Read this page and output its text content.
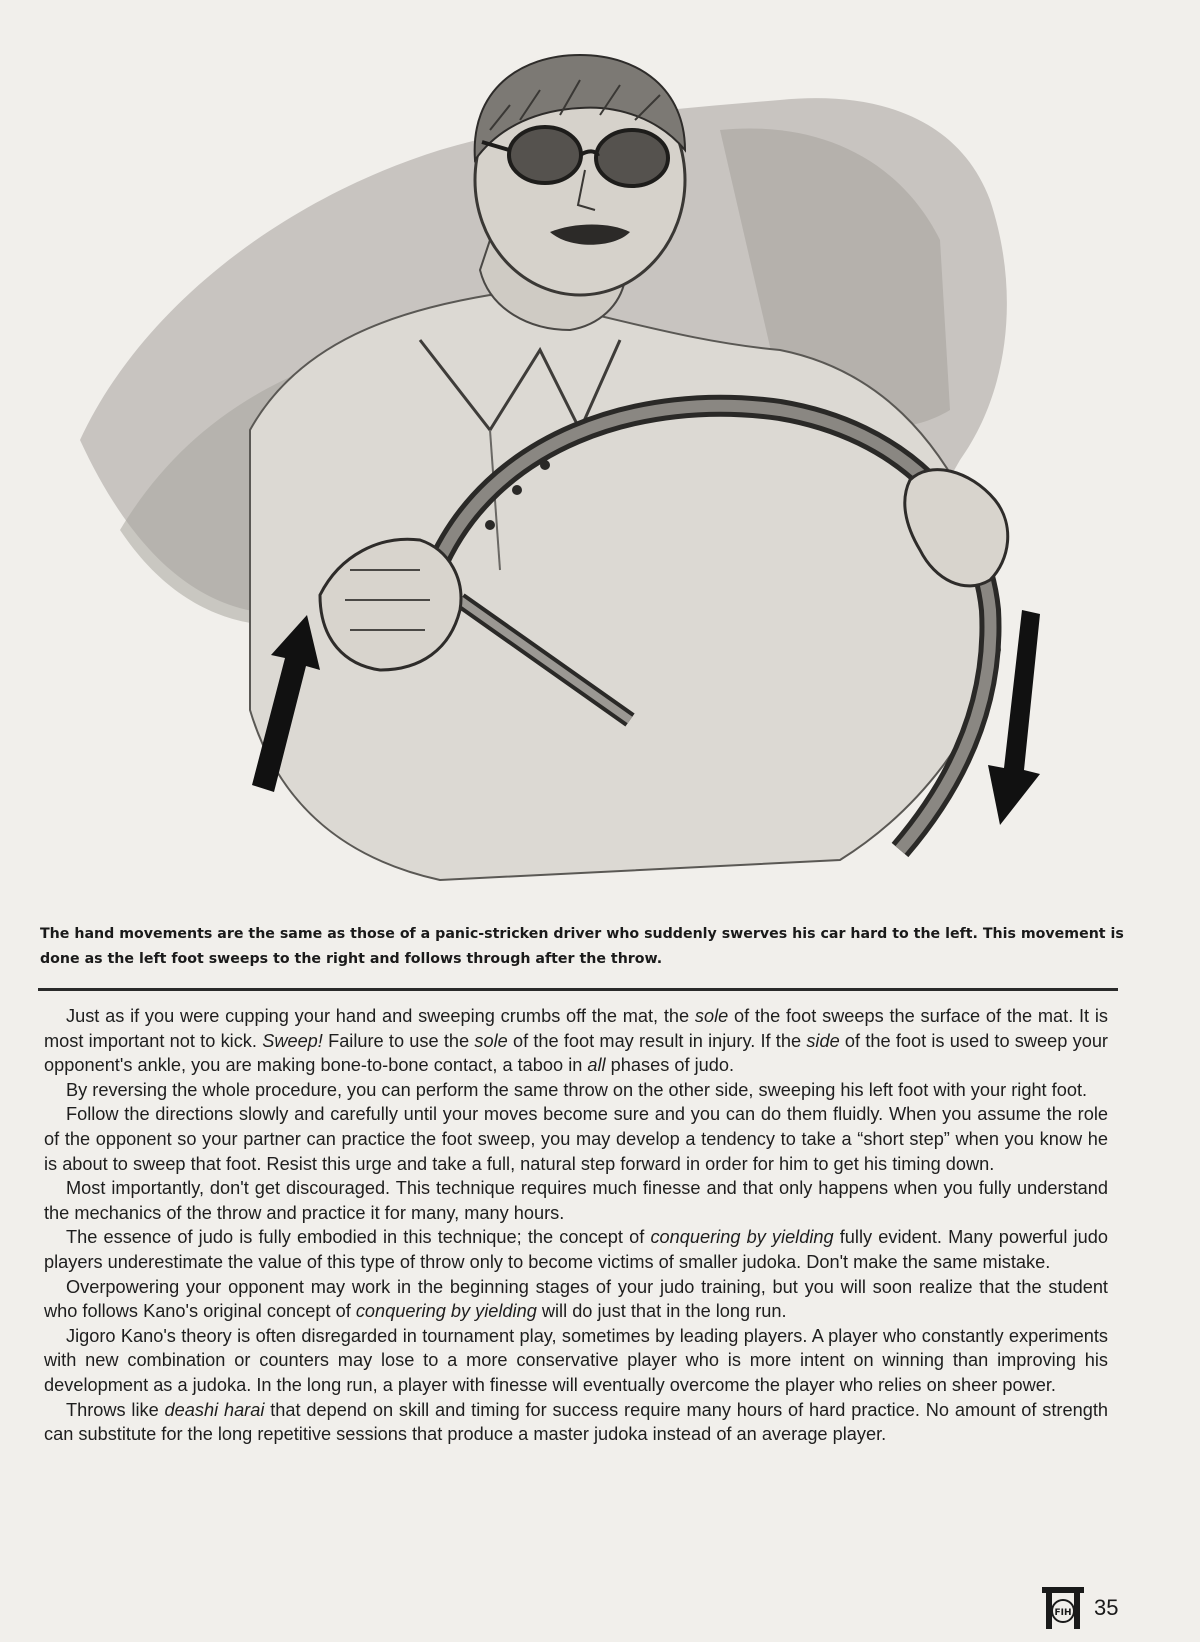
The hand movements are the same as those of a panic-stricken driver who suddenly swerves his car hard to the left. This movement is done as the left foot sweeps to the right and follows through after the throw.

Just as if you were cupping your hand and sweeping crumbs off the mat, the sole of the foot sweeps the surface of the mat. It is most important not to kick. Sweep! Failure to use the sole of the foot may result in injury. If the side of the foot is used to sweep your opponent's ankle, you are making bone-to-bone contact, a taboo in all phases of judo.

By reversing the whole procedure, you can perform the same throw on the other side, sweeping his left foot with your right foot.

Follow the directions slowly and carefully until your moves become sure and you can do them fluidly. When you assume the role of the opponent so your partner can practice the foot sweep, you may develop a tendency to take a “short step” when you know he is about to sweep that foot. Resist this urge and take a full, natural step forward in order for him to get his timing down.

Most importantly, don't get discouraged. This technique requires much finesse and that only happens when you fully understand the mechanics of the throw and practice it for many, many hours.

The essence of judo is fully embodied in this technique; the concept of conquering by yielding fully evident. Many powerful judo players underestimate the value of this type of throw only to become victims of smaller judoka. Don't make the same mistake.

Overpowering your opponent may work in the beginning stages of your judo training, but you will soon realize that the student who follows Kano's original concept of conquering by yielding will do just that in the long run.

Jigoro Kano's theory is often disregarded in tournament play, sometimes by leading players. A player who constantly experiments with new combination or counters may lose to a more conservative player who is more intent on winning than improving his development as a judoka. In the long run, a player with finesse will eventually overcome the player who relies on sheer power.

Throws like deashi harai that depend on skill and timing for success require many hours of hard practice. No amount of strength can substitute for the long repetitive sessions that produce a master judoka instead of an average player.

FIH 35
